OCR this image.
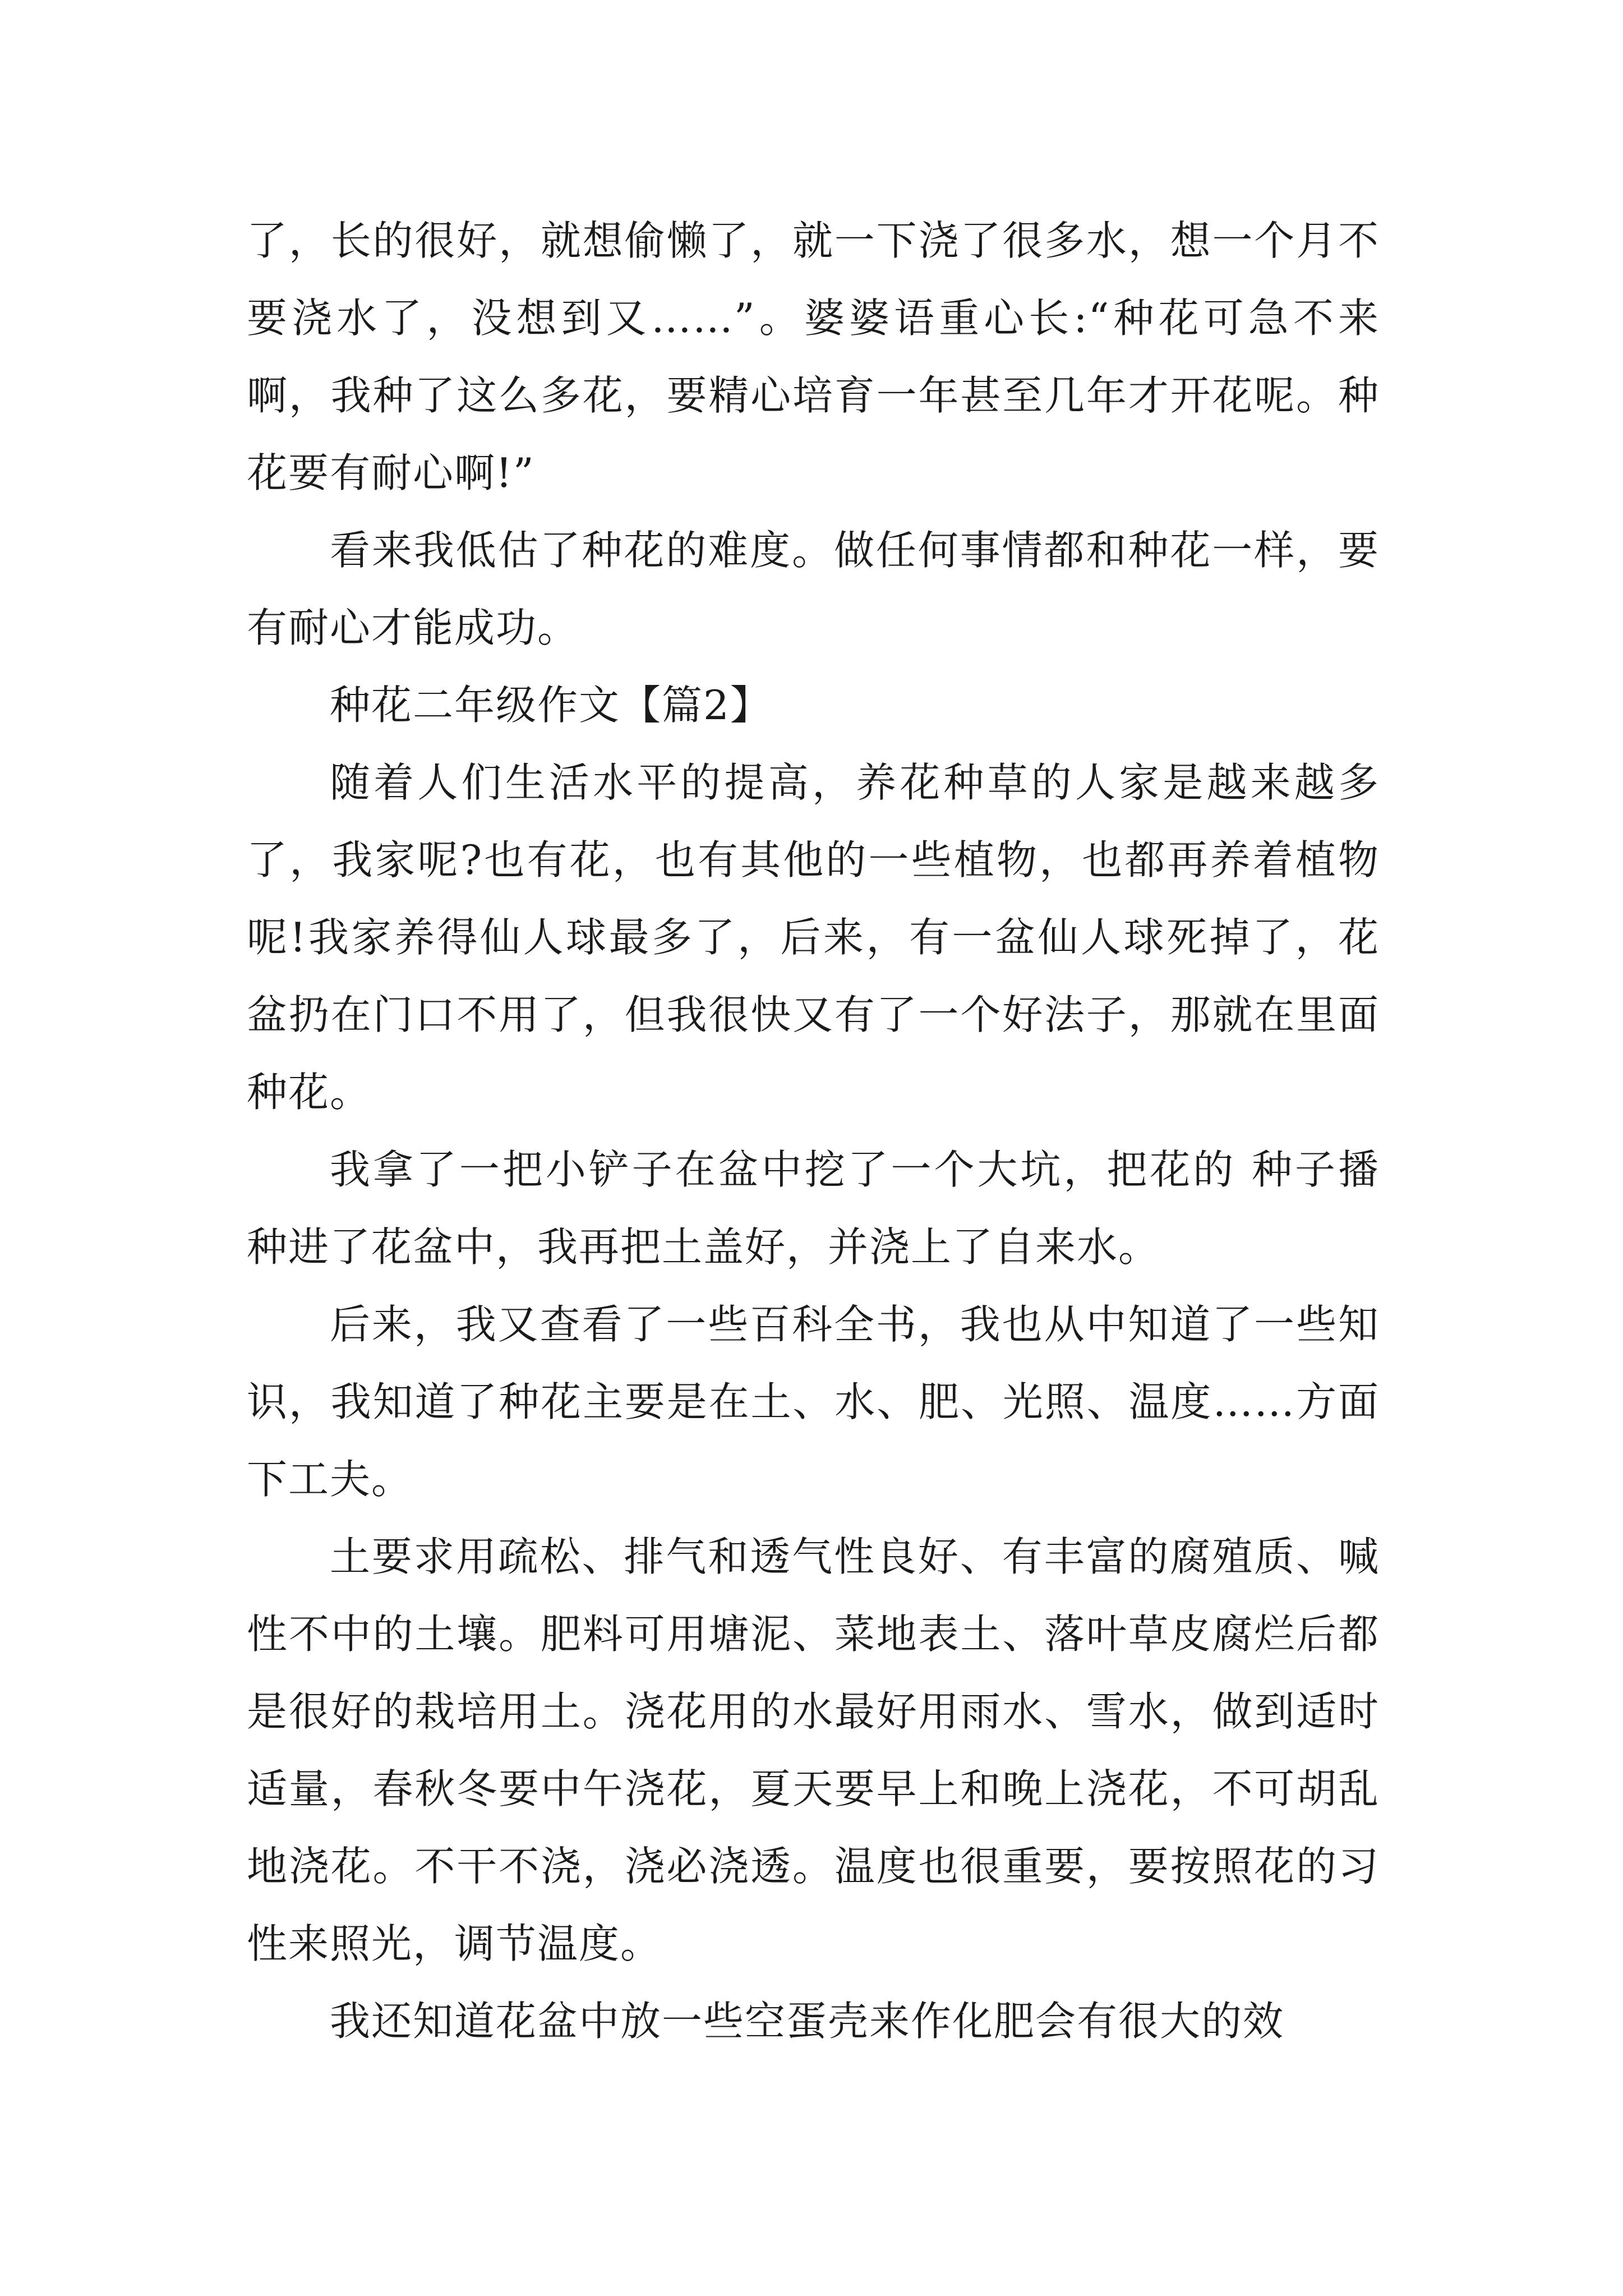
了，长的很好，就想偷懒了，就一下浇了很多水，想一个月不要浇水了，没想到又……”。婆婆语重心长:“种花可急不来啊，我种了这么多花，要精心培育一年甚至几年才开花呢。种花要有耐心啊!”

看来我低估了种花的难度。做任何事情都和种花一样，要有耐心才能成功。

种花二年级作文【篇2】

随着人们生活水平的提高，养花种草的人家是越来越多了，我家呢?也有花，也有其他的一些植物，也都再养着植物呢!我家养得仙人球最多了，后来，有一盆仙人球死掉了，花盆扔在门口不用了，但我很快又有了一个好法子，那就在里面种花。

我拿了一把小铲子在盆中挖了一个大坑，把花的 种子播种进了花盆中，我再把土盖好，并浇上了自来水。

后来，我又查看了一些百科全书，我也从中知道了一些知识，我知道了种花主要是在土、水、肥、光照、温度……方面下工夫。

土要求用疏松、排气和透气性良好、有丰富的腐殖质、喊性不中的土壤。肥料可用塘泥、菜地表土、落叶草皮腐烂后都是很好的栽培用土。浇花用的水最好用雨水、雪水，做到适时适量，春秋冬要中午浇花，夏天要早上和晚上浇花，不可胡乱地浇花。不干不浇，浇必浇透。温度也很重要，要按照花的习性来照光，调节温度。

我还知道花盆中放一些空蛋壳来作化肥会有很大的效
